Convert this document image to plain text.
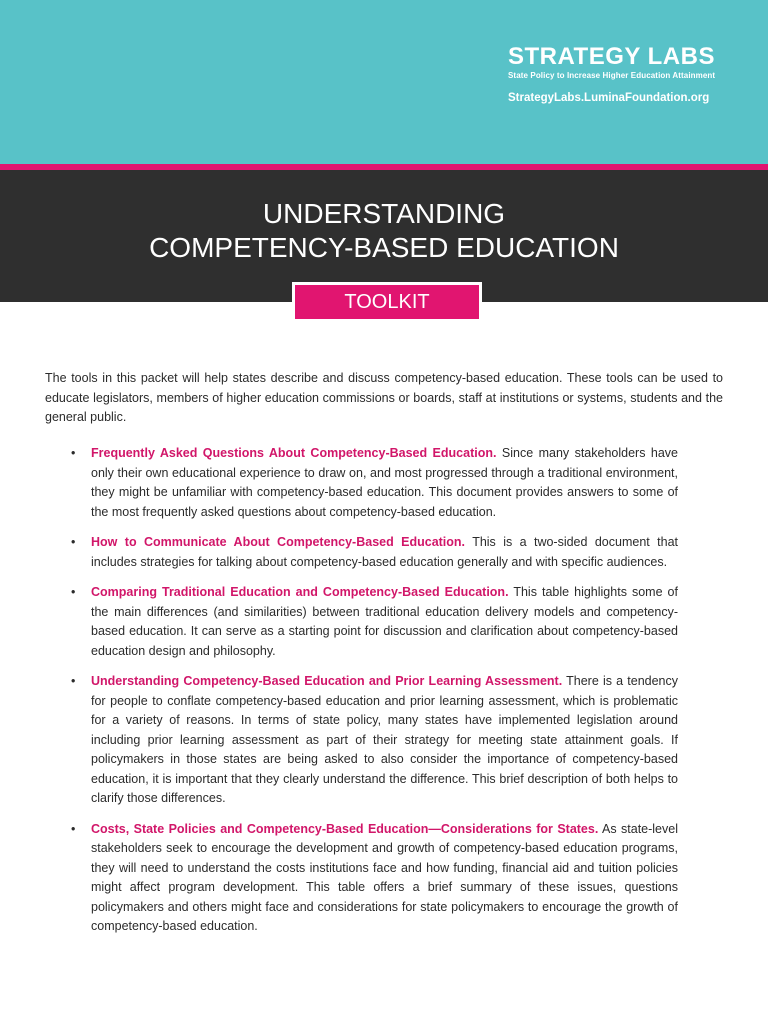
STRATEGY LABS
State Policy to Increase Higher Education Attainment
StrategyLabs.LuminaFoundation.org
UNDERSTANDING
COMPETENCY-BASED EDUCATION
TOOLKIT

The tools in this packet will help states describe and discuss competency-based education. These tools can be used to educate legislators, members of higher education commissions or boards, staff at institutions or systems, students and the general public.

• Frequently Asked Questions About Competency-Based Education. Since many stakeholders have only their own educational experience to draw on, and most progressed through a traditional environment, they might be unfamiliar with competency-based education. This document provides answers to some of the most frequently asked questions about competency-based education.
• How to Communicate About Competency-Based Education. This is a two-sided document that includes strategies for talking about competency-based education generally and with specific audiences.
• Comparing Traditional Education and Competency-Based Education. This table highlights some of the main differences (and similarities) between traditional education delivery models and competency-based education. It can serve as a starting point for discussion and clarification about competency-based education design and philosophy.
• Understanding Competency-Based Education and Prior Learning Assessment. There is a tendency for people to conflate competency-based education and prior learning assessment, which is problematic for a variety of reasons. In terms of state policy, many states have implemented legislation around including prior learning assessment as part of their strategy for meeting state attainment goals. If policymakers in those states are being asked to also consider the importance of competency-based education, it is important that they clearly understand the difference. This brief description of both helps to clarify those differences.
• Costs, State Policies and Competency-Based Education—Considerations for States. As state-level stakeholders seek to encourage the development and growth of competency-based education programs, they will need to understand the costs institutions face and how funding, financial aid and tuition policies might affect program development. This table offers a brief summary of these issues, questions policymakers and others might face and considerations for state policymakers to encourage the growth of competency-based education.
